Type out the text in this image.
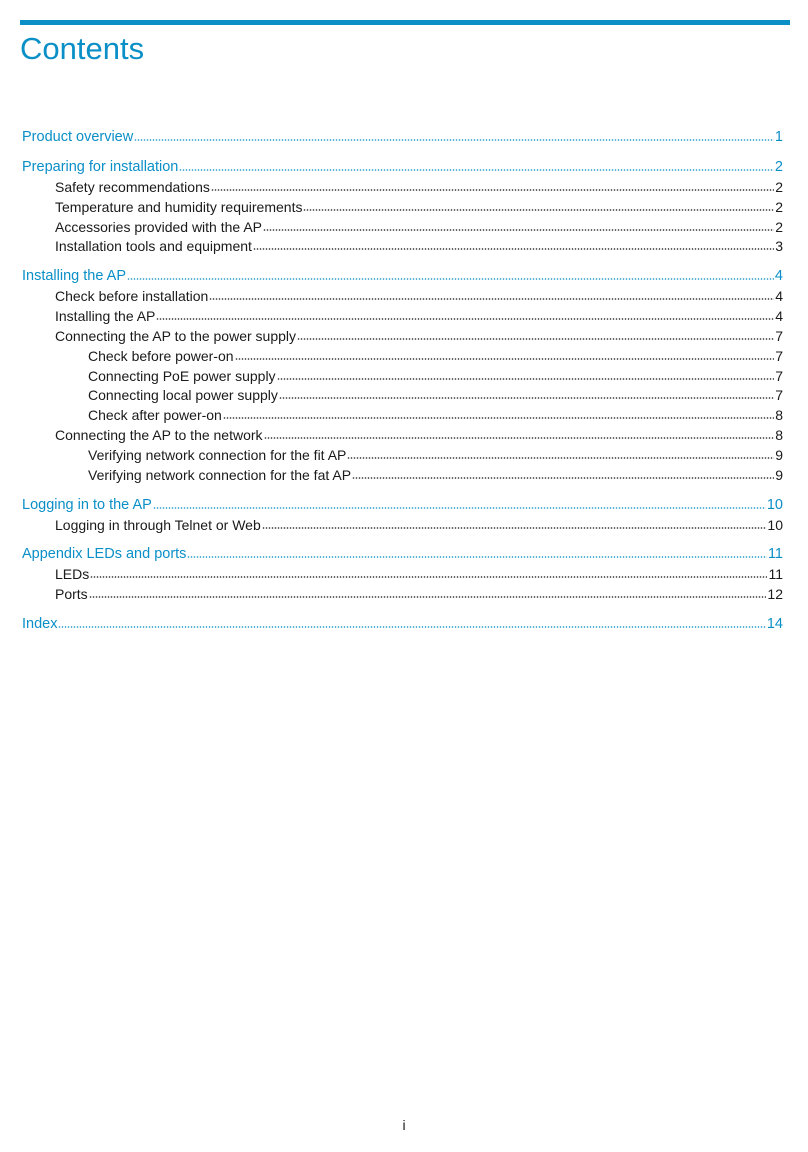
Contents
Product overview	1
Preparing for installation	2
Safety recommendations	2
Temperature and humidity requirements	2
Accessories provided with the AP	2
Installation tools and equipment	3
Installing the AP	4
Check before installation	4
Installing the AP	4
Connecting the AP to the power supply	7
Check before power-on	7
Connecting PoE power supply	7
Connecting local power supply	7
Check after power-on	8
Connecting the AP to the network	8
Verifying network connection for the fit AP	9
Verifying network connection for the fat AP	9
Logging in to the AP	10
Logging in through Telnet or Web	10
Appendix LEDs and ports	11
LEDs	11
Ports	12
Index	14
i
